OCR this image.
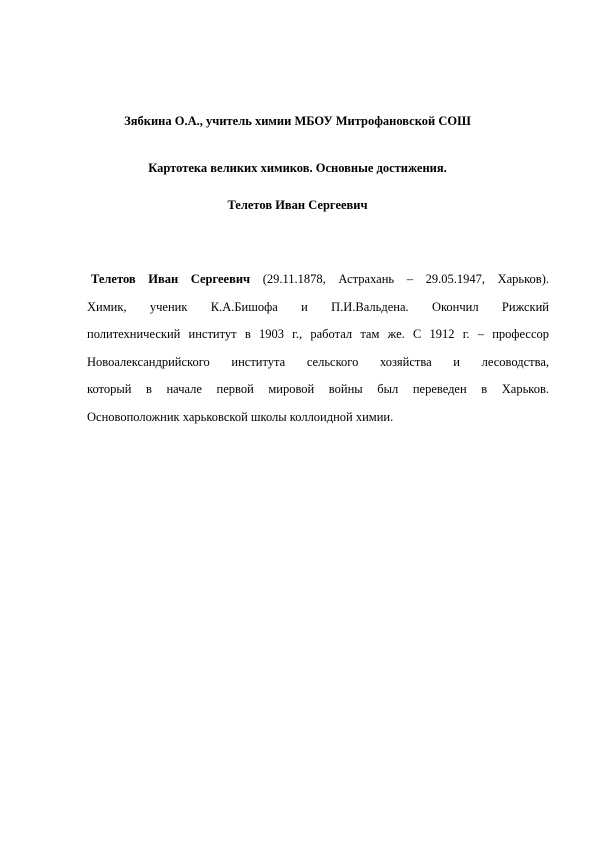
Зябкина О.А., учитель химии МБОУ Митрофановской СОШ
Картотека великих химиков. Основные достижения.
Телетов Иван Сергеевич
Телетов Иван Сергеевич (29.11.1878, Астрахань – 29.05.1947, Харьков).
Химик, ученик К.А.Бишофа и П.И.Вальдена. Окончил Рижский
политехнический институт в 1903 г., работал там же. С 1912 г. – профессор
Новоалександрийского института сельского хозяйства и лесоводства,
который в начале первой мировой войны был переведен в Харьков.
Основоположник харьковской школы коллоидной химии.
